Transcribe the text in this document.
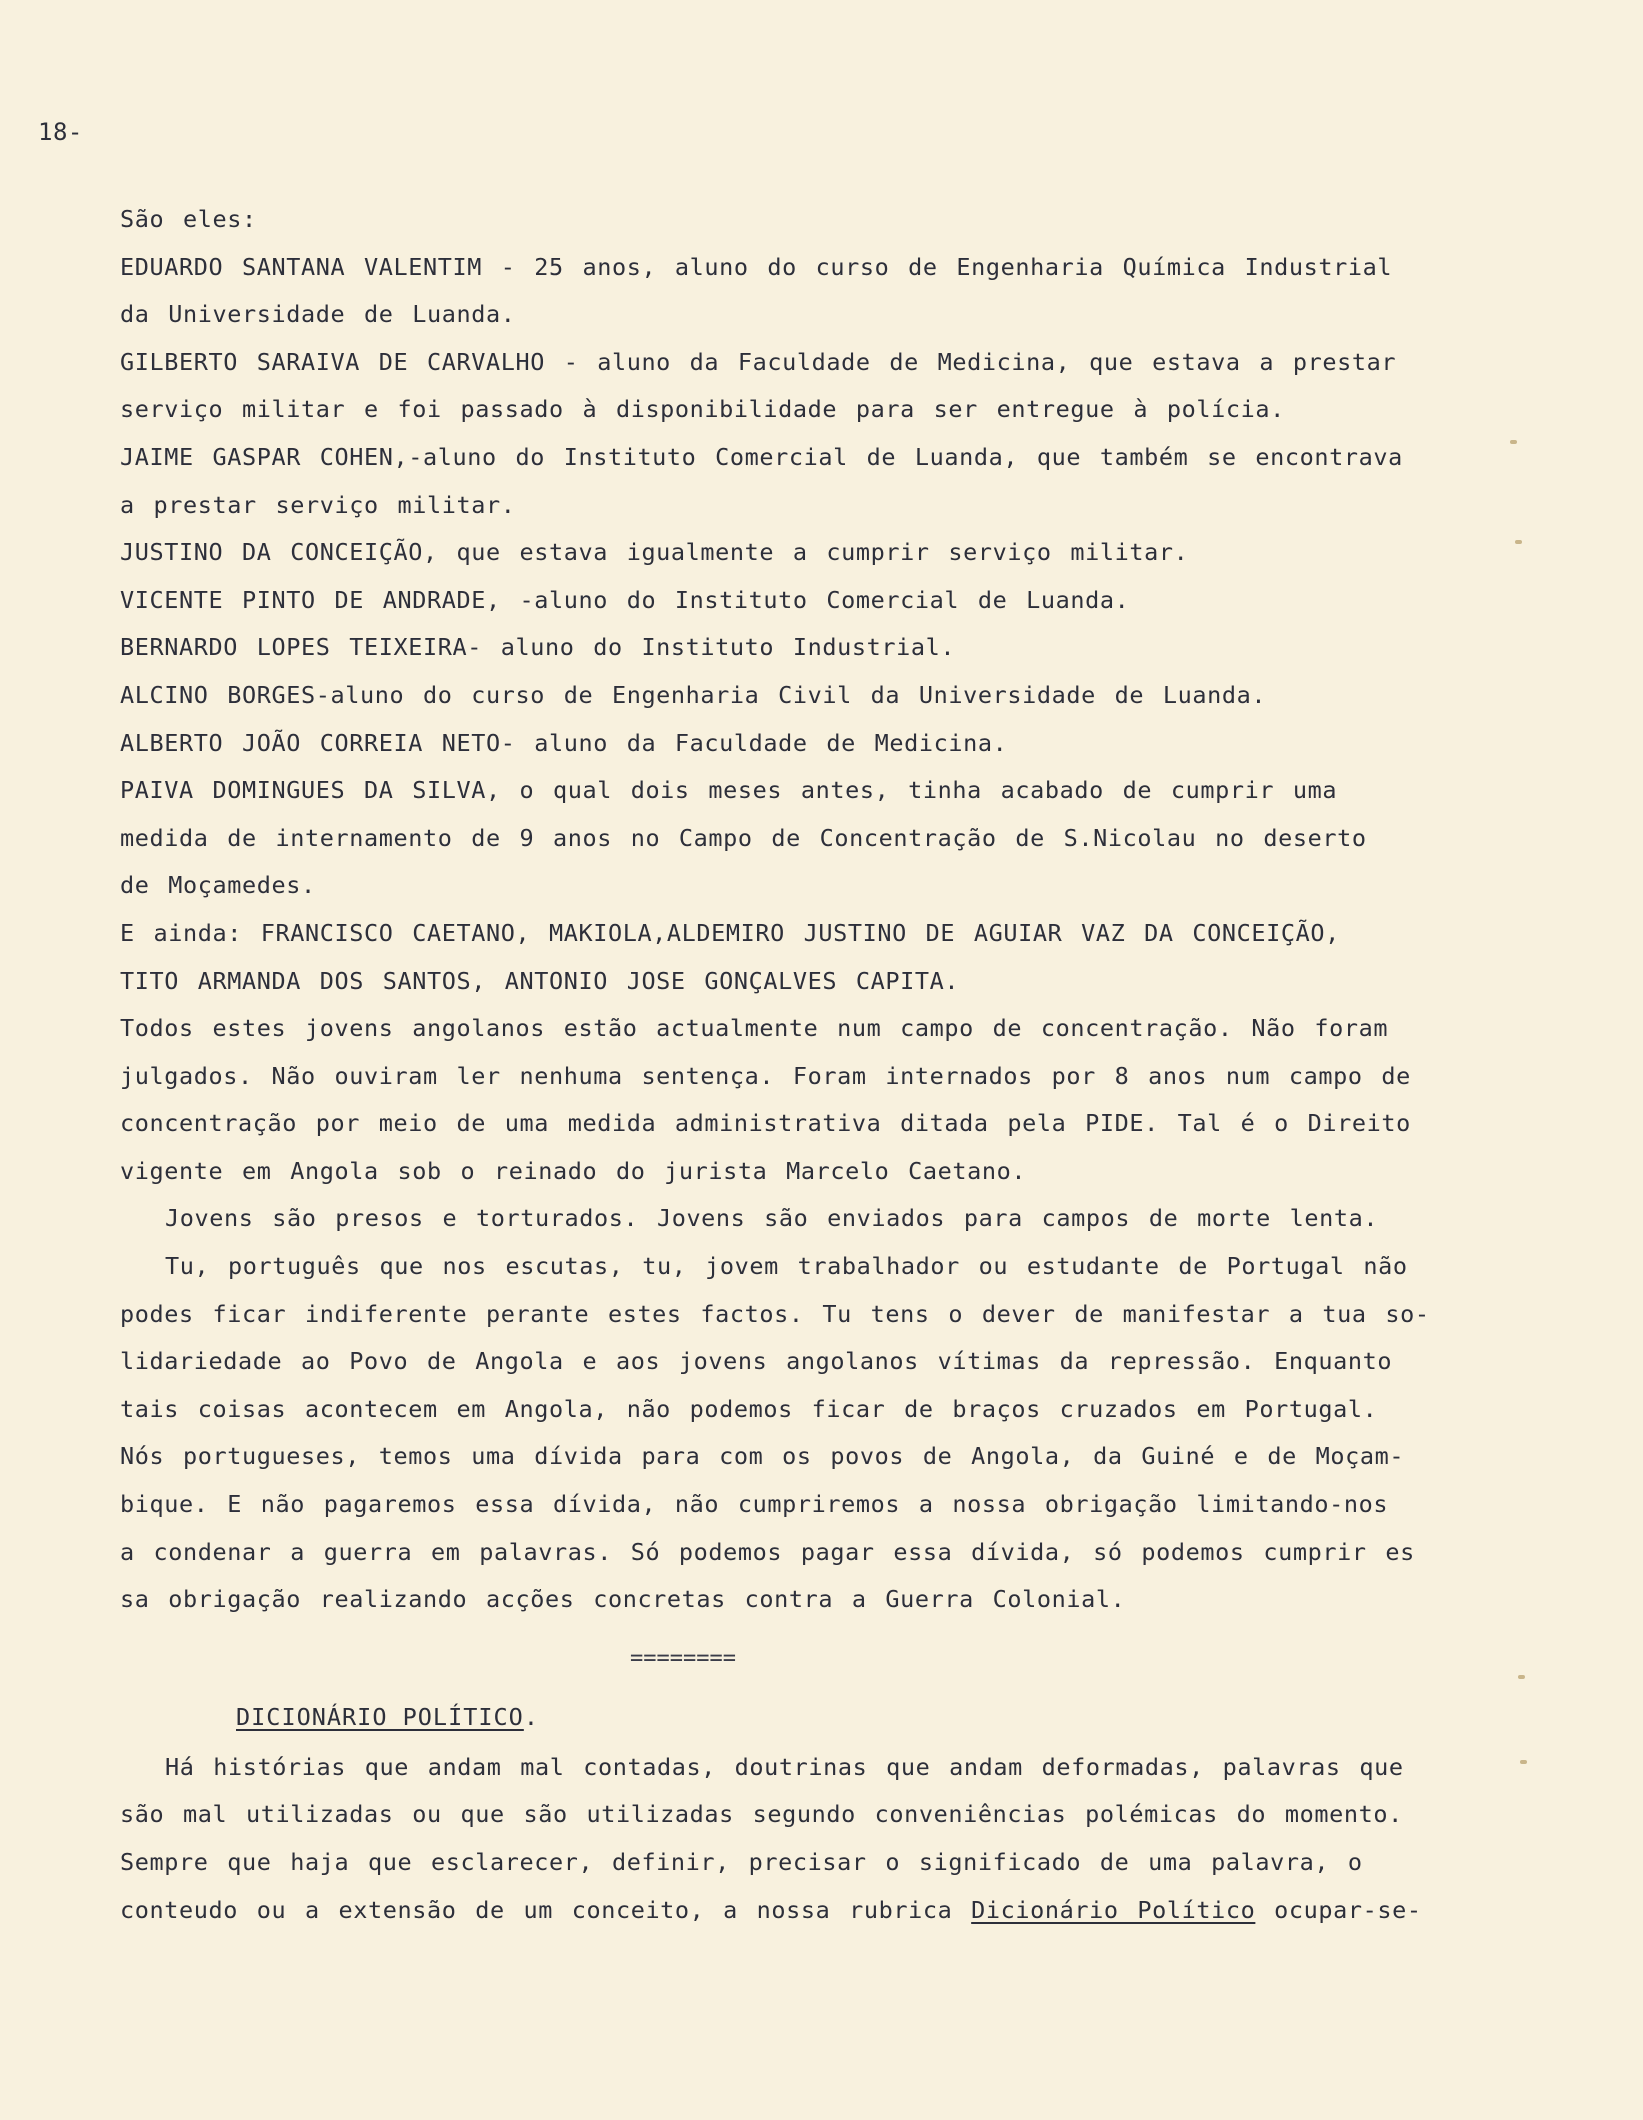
18-
São eles:
EDUARDO SANTANA VALENTIM - 25 anos, aluno do curso de Engenharia Química Industrial
da Universidade de Luanda.
GILBERTO SARAIVA DE CARVALHO - aluno da Faculdade de Medicina, que estava a prestar
serviço militar e foi passado à disponibilidade para ser entregue à polícia.
JAIME GASPAR COHEN,-aluno do Instituto Comercial de Luanda, que também se encontrava
a prestar serviço militar.
JUSTINO DA CONCEIÇÃO, que estava igualmente a cumprir serviço militar.
VICENTE PINTO DE ANDRADE, -aluno do Instituto Comercial de Luanda.
BERNARDO LOPES TEIXEIRA- aluno do Instituto Industrial.
ALCINO BORGES-aluno do curso de Engenharia Civil da Universidade de Luanda.
ALBERTO JOÃO CORREIA NETO- aluno da Faculdade de Medicina.
PAIVA DOMINGUES DA SILVA, o qual dois meses antes, tinha acabado de cumprir uma
medida de internamento de 9 anos no Campo de Concentração de S.Nicolau no deserto
de Moçamedes.
E ainda: FRANCISCO CAETANO, MAKIOLA,ALDEMIRO JUSTINO DE AGUIAR VAZ DA CONCEIÇÃO,
TITO ARMANDA DOS SANTOS, ANTONIO JOSE GONÇALVES CAPITA.
Todos estes jovens angolanos estão actualmente num campo de concentração. Não foram
julgados. Não ouviram ler nenhuma sentença. Foram internados por 8 anos num campo de
concentração por meio de uma medida administrativa ditada pela PIDE. Tal é o Direito
vigente em Angola sob o reinado do jurista Marcelo Caetano.
Jovens são presos e torturados. Jovens são enviados para campos de morte lenta.
Tu, português que nos escutas, tu, jovem trabalhador ou estudante de Portugal não
podes ficar indiferente perante estes factos. Tu tens o dever de manifestar a tua so-
lidariedade ao Povo de Angola e aos jovens angolanos vítimas da repressão. Enquanto
tais coisas acontecem em Angola, não podemos ficar de braços cruzados em Portugal.
Nós portugueses, temos uma dívida para com os povos de Angola, da Guiné e de Moçam-
bique. E não pagaremos essa dívida, não cumpriremos a nossa obrigação limitando-nos
a condenar a guerra em palavras. Só podemos pagar essa dívida, só podemos cumprir es
sa obrigação realizando acções concretas contra a Guerra Colonial.
========
DICIONÁRIO POLÍTICO.
Há histórias que andam mal contadas, doutrinas que andam deformadas, palavras que
são mal utilizadas ou que são utilizadas segundo conveniências polémicas do momento.
Sempre que haja que esclarecer, definir, precisar o significado de uma palavra, o
conteudo ou a extensão de um conceito, a nossa rubrica Dicionário Político ocupar-se-
